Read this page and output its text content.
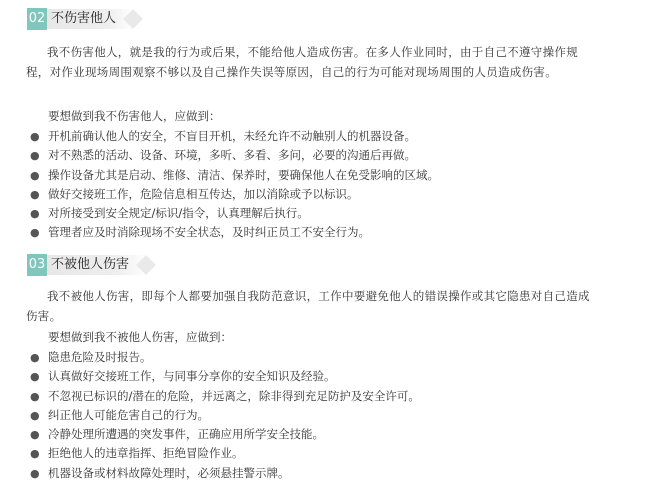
02 不伤害他人
我不伤害他人，就是我的行为或后果，不能给他人造成伤害。在多人作业同时，由于自己不遵守操作规程，对作业现场周围观察不够以及自己操作失误等原因，自己的行为可能对现场周围的人员造成伤害。
要想做到我不伤害他人，应做到：
● 开机前确认他人的安全，不盲目开机，未经允许不动触别人的机器设备。
● 对不熟悉的活动、设备、环境，多听、多看、多问，必要的沟通后再做。
● 操作设备尤其是启动、维修、清洁、保养时，要确保他人在免受影响的区域。
● 做好交接班工作，危险信息相互传达，加以消除或予以标识。
● 对所接受到安全规定/标识/指令，认真理解后执行。
● 管理者应及时消除现场不安全状态，及时纠正员工不安全行为。
03 不被他人伤害
我不被他人伤害，即每个人都要加强自我防范意识，工作中要避免他人的错误操作或其它隐患对自己造成伤害。
要想做到我不被他人伤害，应做到：
● 隐患危险及时报告。
● 认真做好交接班工作，与同事分享你的安全知识及经验。
● 不忽视已标识的/潜在的危险，并远离之，除非得到充足防护及安全许可。
● 纠正他人可能危害自己的行为。
● 冷静处理所遭遇的突发事件，正确应用所学安全技能。
● 拒绝他人的违章指挥、拒绝冒险作业。
● 机器设备或材料故障处理时，必须悬挂警示牌。
